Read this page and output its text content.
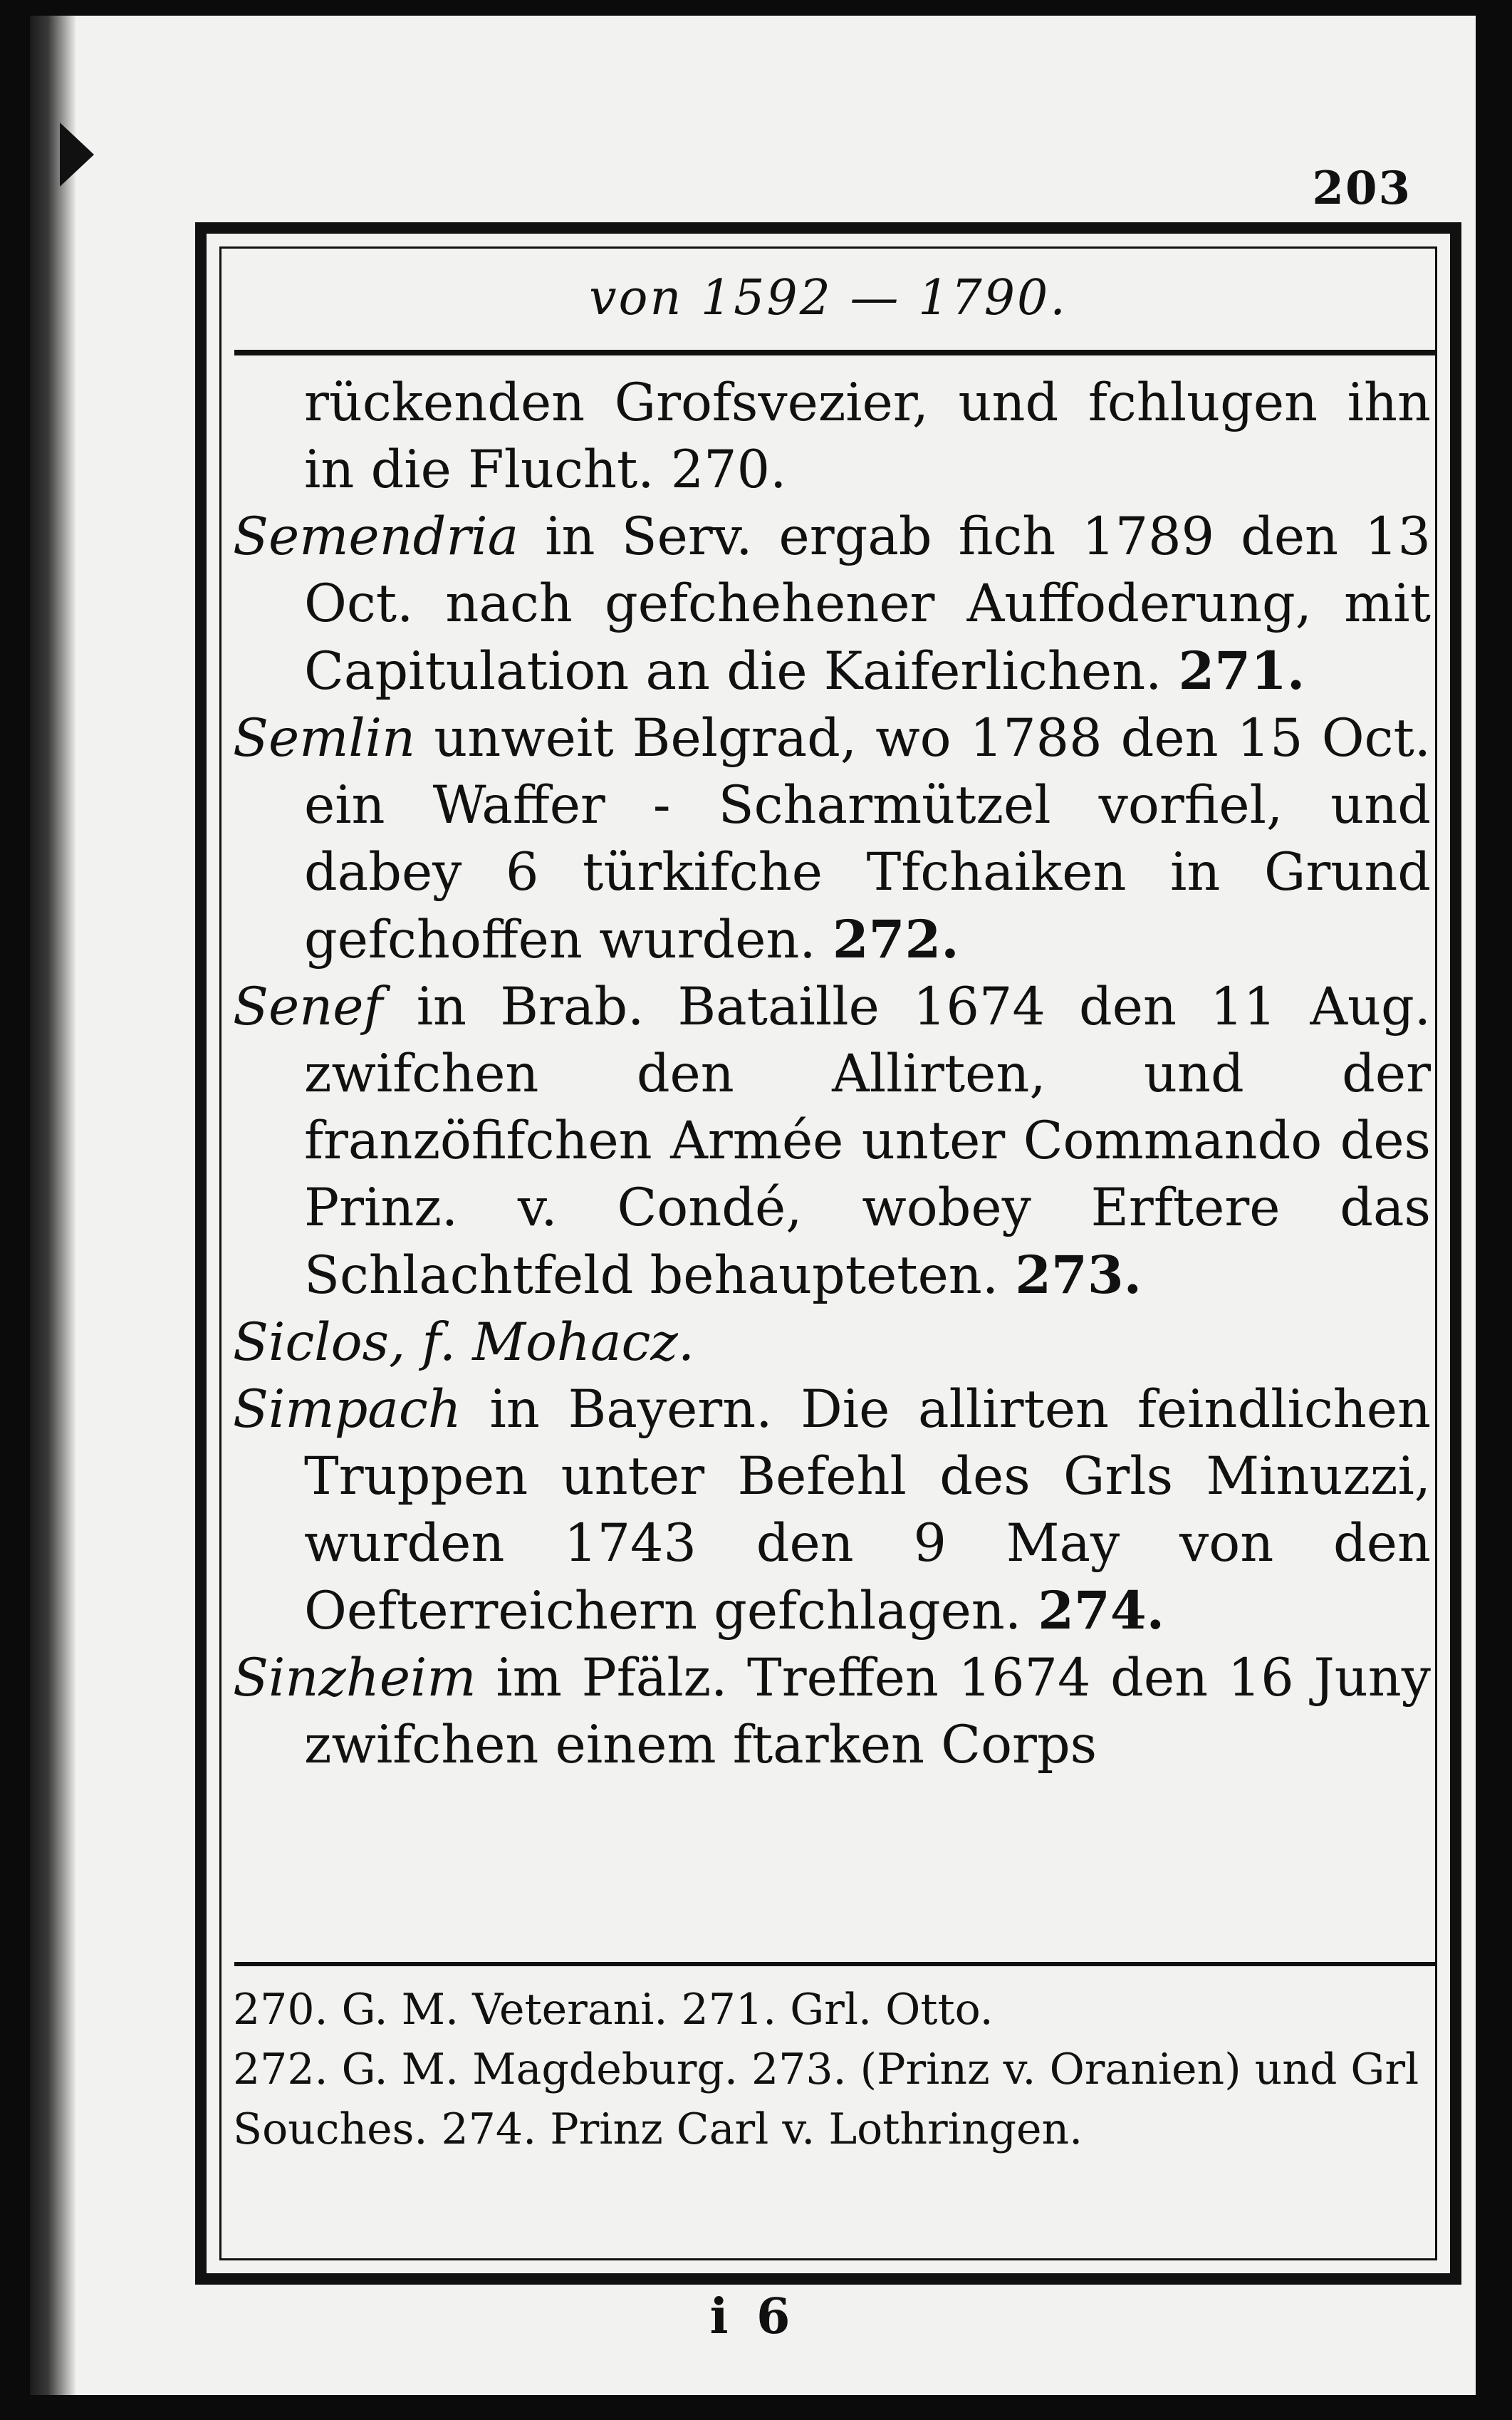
203
von 1592 — 1790.

rückenden Grofsvezier, und fchlugen ihn in die Flucht. 270.

Semendria in Serv. ergab fich 1789 den 13 Oct. nach gefchehener Auffoderung, mit Capitulation an die Kaiferlichen. 271.

Semlin unweit Belgrad, wo 1788 den 15 Oct. ein Waffer - Scharmützel vorfiel, und dabey 6 türkifche Tfchaiken in Grund gefchoffen wurden. 272.

Senef in Brab. Bataille 1674 den 11 Aug. zwifchen den Allirten, und der franzöfifchen Armée unter Commando des Prinz. v. Condé, wobey Erftere das Schlachtfeld behaupteten. 273.

Siclos, f. Mohacz.

Simpach in Bayern. Die allirten feindlichen Truppen unter Befehl des Grls Minuzzi, wurden 1743 den 9 May von den Oefterreichern gefchlagen. 274.

Sinzheim im Pfälz. Treffen 1674 den 16 Juny zwifchen einem ftarken Corps

270. G. M. Veterani. 271. Grl. Otto.

272. G. M. Magdeburg. 273. (Prinz v. Oranien) und Grl Souches. 274. Prinz Carl v. Lothringen.

i 6
